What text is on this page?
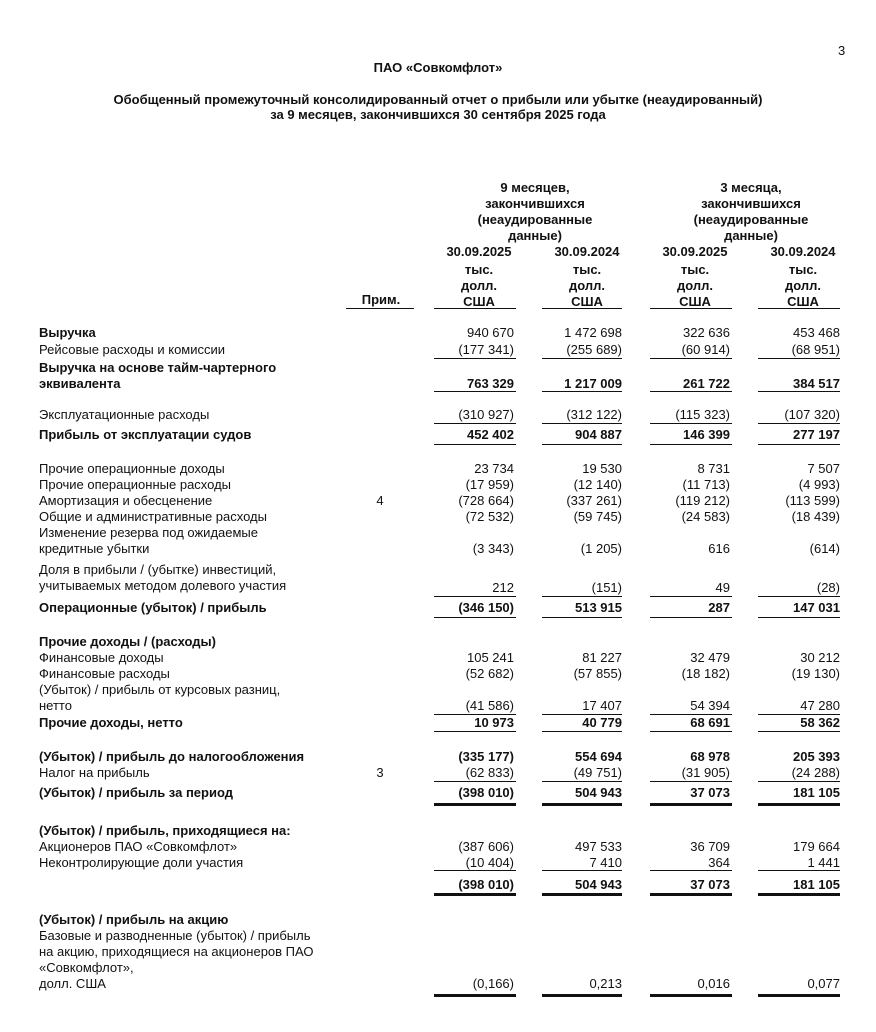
3
ПАО «Совкомфлот»
Обобщенный промежуточный консолидированный отчет о прибыли или убытке (неаудированный)
за 9 месяцев, закончившихся 30 сентября 2025 года
9 месяцев,
закончившихся
(неаудированные
данные)
3 месяца,
закончившихся
(неаудированные
данные)
30.09.2025	30.09.2024	30.09.2025	30.09.2024
тыс.
долл.
США
тыс.
долл.
США
тыс.
долл.
США
тыс.
долл.
США
Прим.
Выручка	940 670	1 472 698	322 636	453 468
Рейсовые расходы и комиссии	(177 341)	(255 689)	(60 914)	(68 951)
Выручка на основе тайм-чартерного
эквивалента	763 329	1 217 009	261 722	384 517
Эксплуатационные расходы	(310 927)	(312 122)	(115 323)	(107 320)
Прибыль от эксплуатации судов	452 402	904 887	146 399	277 197
Прочие операционные доходы	23 734	19 530	8 731	7 507
Прочие операционные расходы	(17 959)	(12 140)	(11 713)	(4 993)
Амортизация и обесценение	4	(728 664)	(337 261)	(119 212)	(113 599)
Общие и административные расходы	(72 532)	(59 745)	(24 583)	(18 439)
Изменение резерва под ожидаемые
кредитные убытки	(3 343)	(1 205)	616	(614)
Доля в прибыли / (убытке) инвестиций,
учитываемых методом долевого участия	212	(151)	49	(28)
Операционные (убыток) / прибыль	(346 150)	513 915	287	147 031
Прочие доходы / (расходы)
Финансовые доходы	105 241	81 227	32 479	30 212
Финансовые расходы	(52 682)	(57 855)	(18 182)	(19 130)
(Убыток) / прибыль от курсовых разниц,
нетто	(41 586)	17 407	54 394	47 280
Прочие доходы, нетто	10 973	40 779	68 691	58 362
(Убыток) / прибыль до налогообложения	(335 177)	554 694	68 978	205 393
Налог на прибыль	3	(62 833)	(49 751)	(31 905)	(24 288)
(Убыток) / прибыль за период	(398 010)	504 943	37 073	181 105
(Убыток) / прибыль, приходящиеся на:
Акционеров ПАО «Совкомфлот»	(387 606)	497 533	36 709	179 664
Неконтролирующие доли участия	(10 404)	7 410	364	1 441
(398 010)	504 943	37 073	181 105
(Убыток) / прибыль на акцию
Базовые и разводненные (убыток) / прибыль
на акцию, приходящиеся на акционеров ПАО
«Совкомфлот»,
долл. США	(0,166)	0,213	0,016	0,077
